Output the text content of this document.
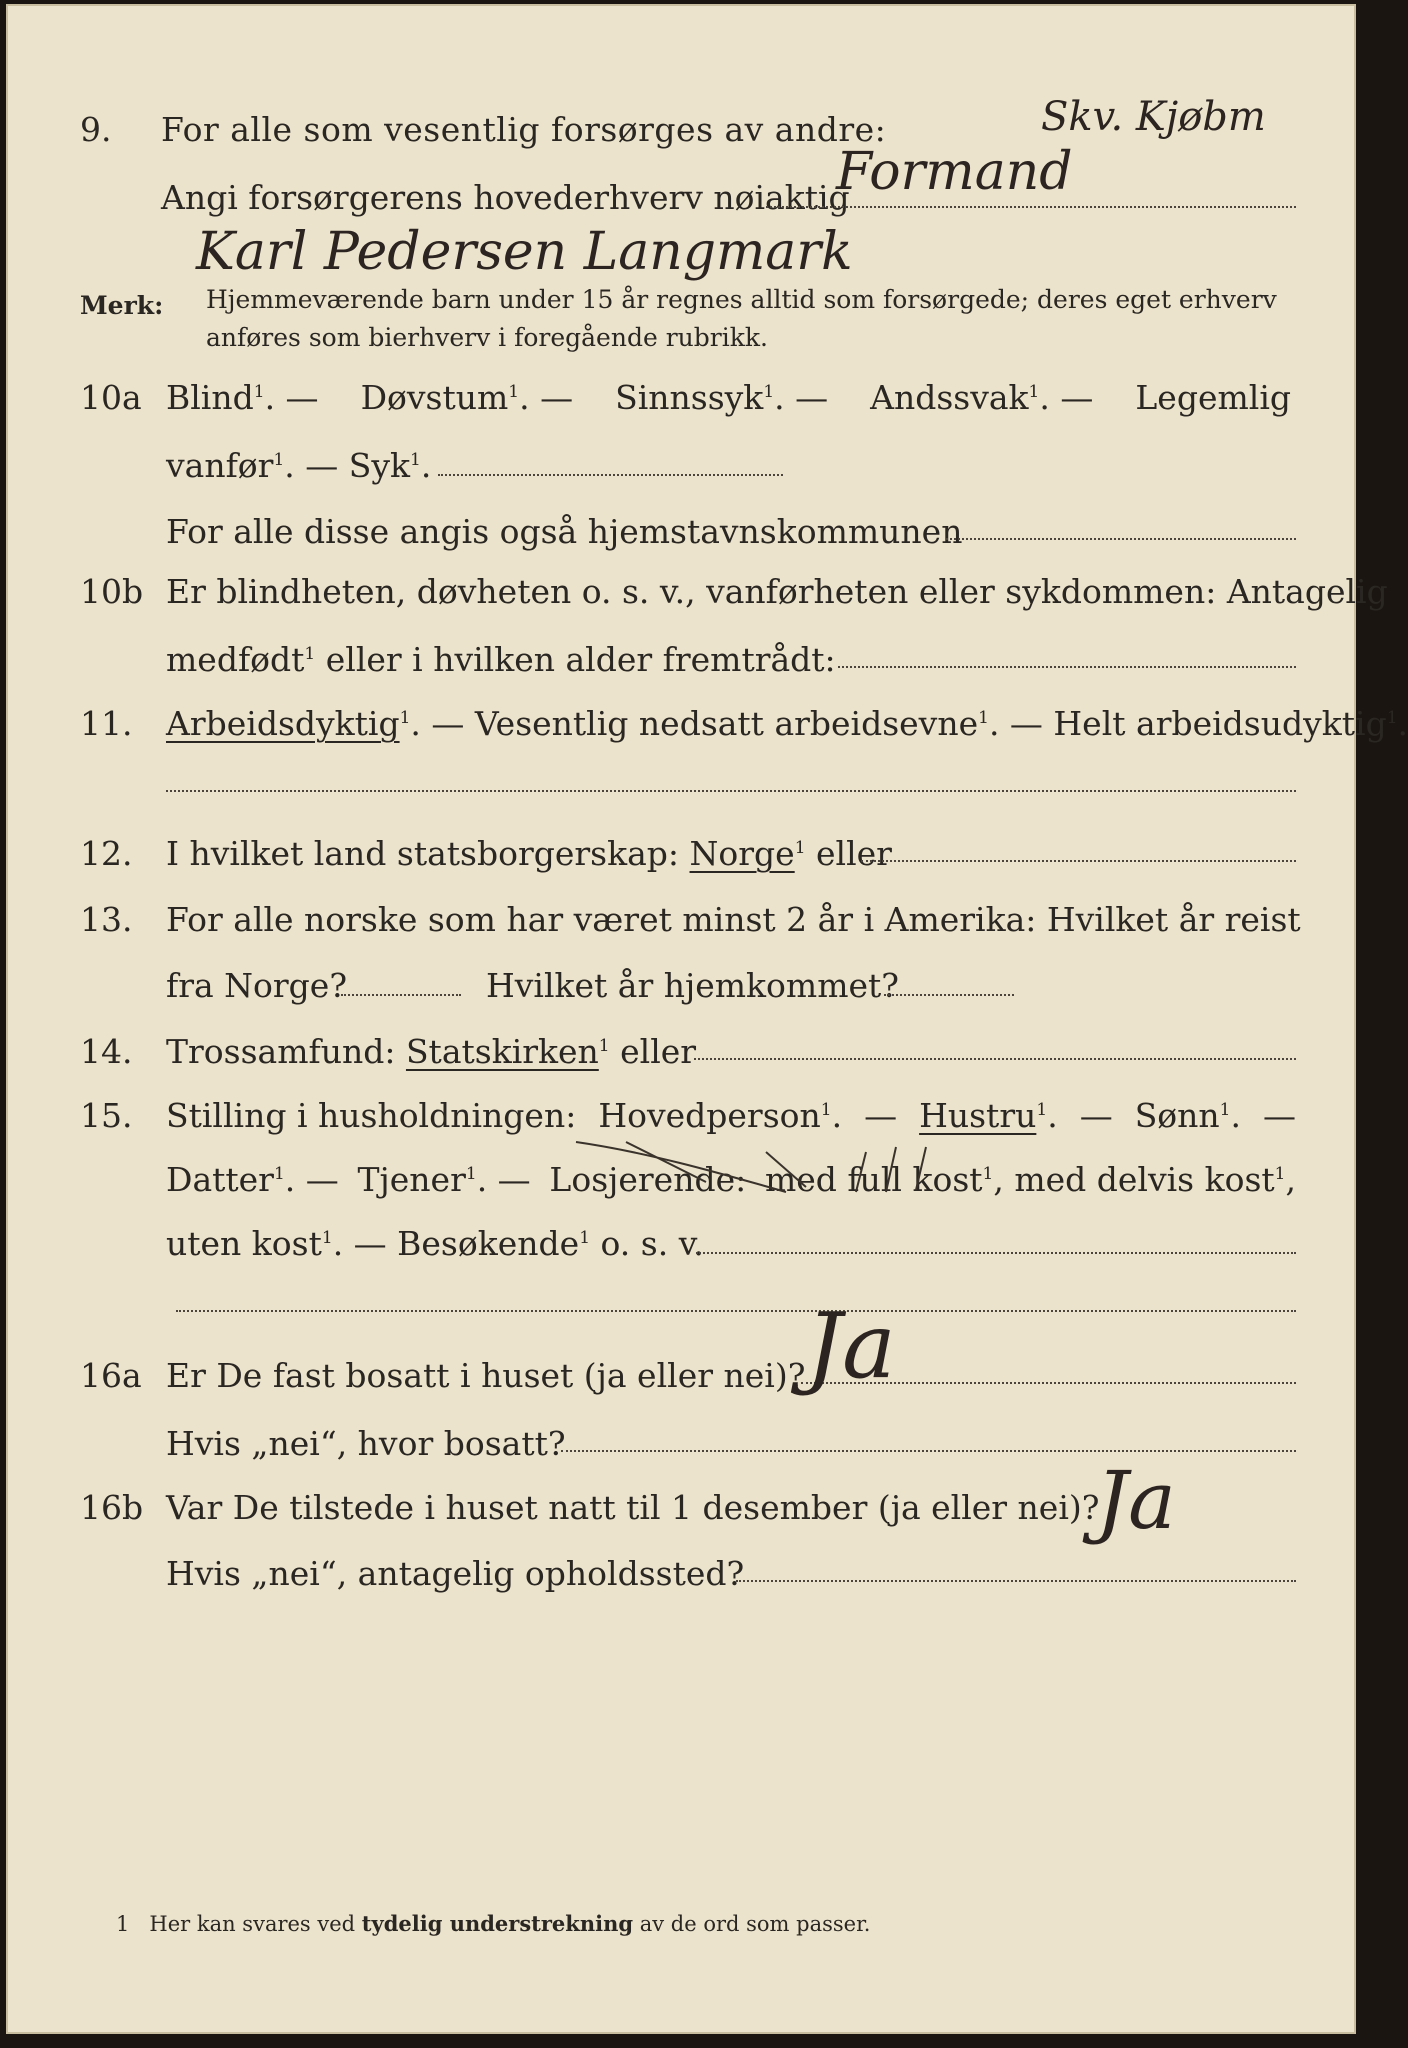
9. For alle som vesentlig forsørges av andre:	Skv. Kjøbm
Angi forsørgerens hovederhverv nøiaktig
Formand
Karl Pedersen Langmark
Merk: Hjemmeværende barn under 15 år regnes alltid som forsørgede; deres eget erhverv
anføres som bierhverv i foregående rubrikk.
10a Blind$^1$. — Døvstum$^1$. — Sinnssyk$^1$. — Andssvak$^1$. — Legemlig
vanfør$^1$. — Syk$^1$.
For alle disse angis også hjemstavnskommunen
10b Er blindheten, døvheten o. s. v., vanførheten eller sykdommen: Antagelig
medfødt$^1$ eller i hvilken alder fremtrådt:
11. Arbeidsdyktig$^1$. — Vesentlig nedsatt arbeidsevne$^1$. — Helt arbeidsudyktig$^1$.
12. I hvilket land statsborgerskap: Norge$^1$ eller
13. For alle norske som har været minst 2 år i Amerika: Hvilket år reist
fra Norge?	Hvilket år hjemkommet?
14. Trossamfund: Statskirken$^1$ eller
15. Stilling i husholdningen: Hovedperson$^1$. — Hustru$^1$. — Sønn$^1$. —
Datter$^1$. — Tjener$^1$. — Losjerende: med full kost$^1$, med delvis kost$^1$,
uten kost$^1$. — Besøkende$^1$ o. s. v.
16a Er De fast bosatt i huset (ja eller nei)? Ja
Hvis „nei“, hvor bosatt?
16b Var De tilstede i huset natt til 1 desember (ja eller nei)?
Ja
Hvis „nei“, antagelig opholdssted?
1 Her kan svares ved tydelig understrekning av de ord som passer.
